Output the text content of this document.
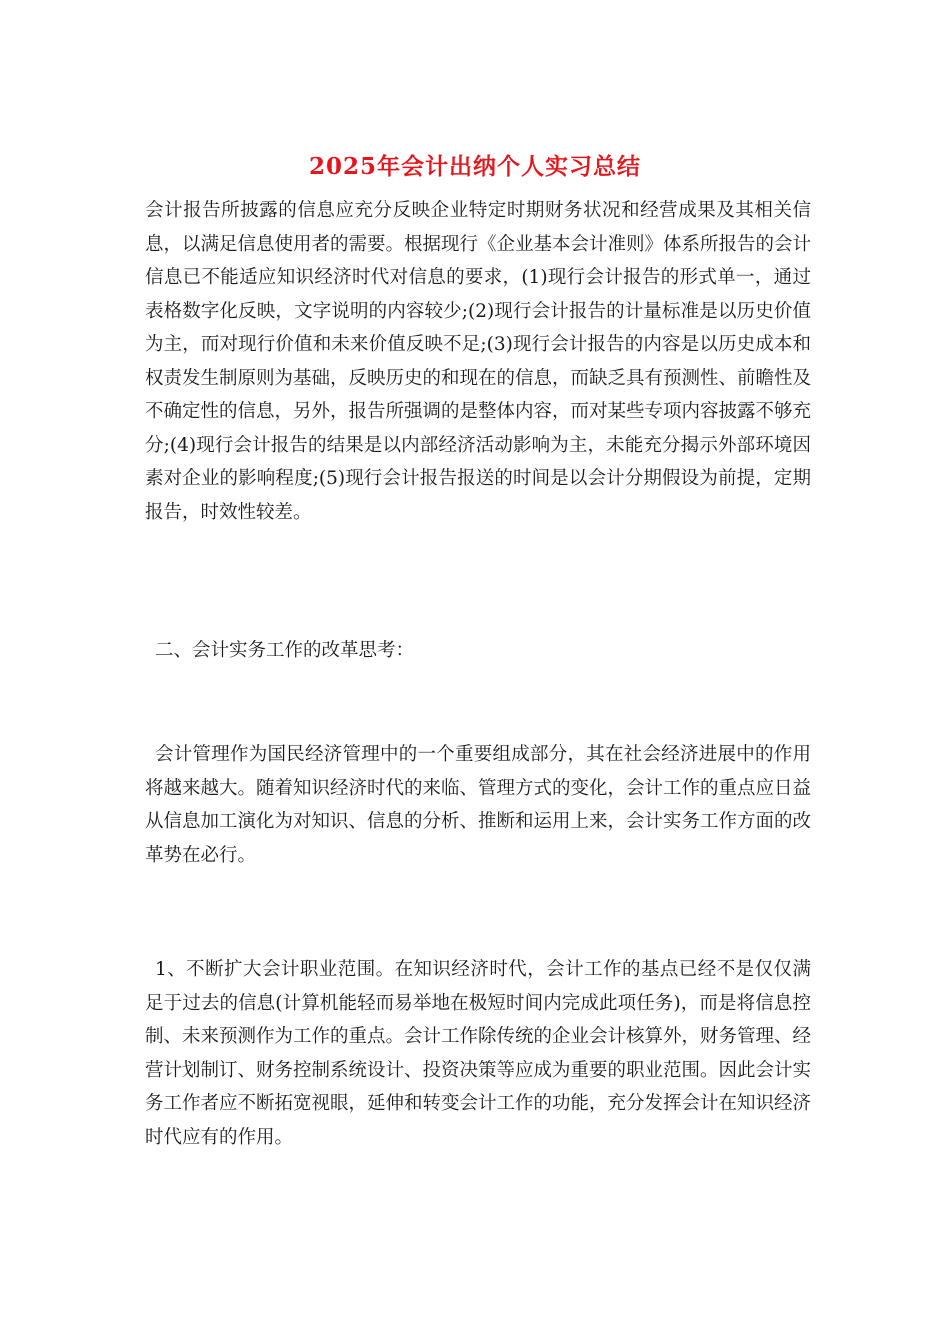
2025年会计出纳个人实习总结

会计报告所披露的信息应充分反映企业特定时期财务状况和经营成果及其相关信息，以满足信息使用者的需要。根据现行《企业基本会计准则》体系所报告的会计信息已不能适应知识经济时代对信息的要求，(1)现行会计报告的形式单一，通过表格数字化反映，文字说明的内容较少;(2)现行会计报告的计量标准是以历史价值为主，而对现行价值和未来价值反映不足;(3)现行会计报告的内容是以历史成本和权责发生制原则为基础，反映历史的和现在的信息，而缺乏具有预测性、前瞻性及不确定性的信息，另外，报告所强调的是整体内容，而对某些专项内容披露不够充分;(4)现行会计报告的结果是以内部经济活动影响为主，未能充分揭示外部环境因素对企业的影响程度;(5)现行会计报告报送的时间是以会计分期假设为前提，定期报告，时效性较差。

二、会计实务工作的改革思考：

会计管理作为国民经济管理中的一个重要组成部分，其在社会经济进展中的作用将越来越大。随着知识经济时代的来临、管理方式的变化，会计工作的重点应日益从信息加工演化为对知识、信息的分析、推断和运用上来，会计实务工作方面的改革势在必行。

1、不断扩大会计职业范围。在知识经济时代，会计工作的基点已经不是仅仅满足于过去的信息(计算机能轻而易举地在极短时间内完成此项任务)，而是将信息控制、未来预测作为工作的重点。会计工作除传统的企业会计核算外，财务管理、经营计划制订、财务控制系统设计、投资决策等应成为重要的职业范围。因此会计实务工作者应不断拓宽视眼，延伸和转变会计工作的功能，充分发挥会计在知识经济时代应有的作用。
